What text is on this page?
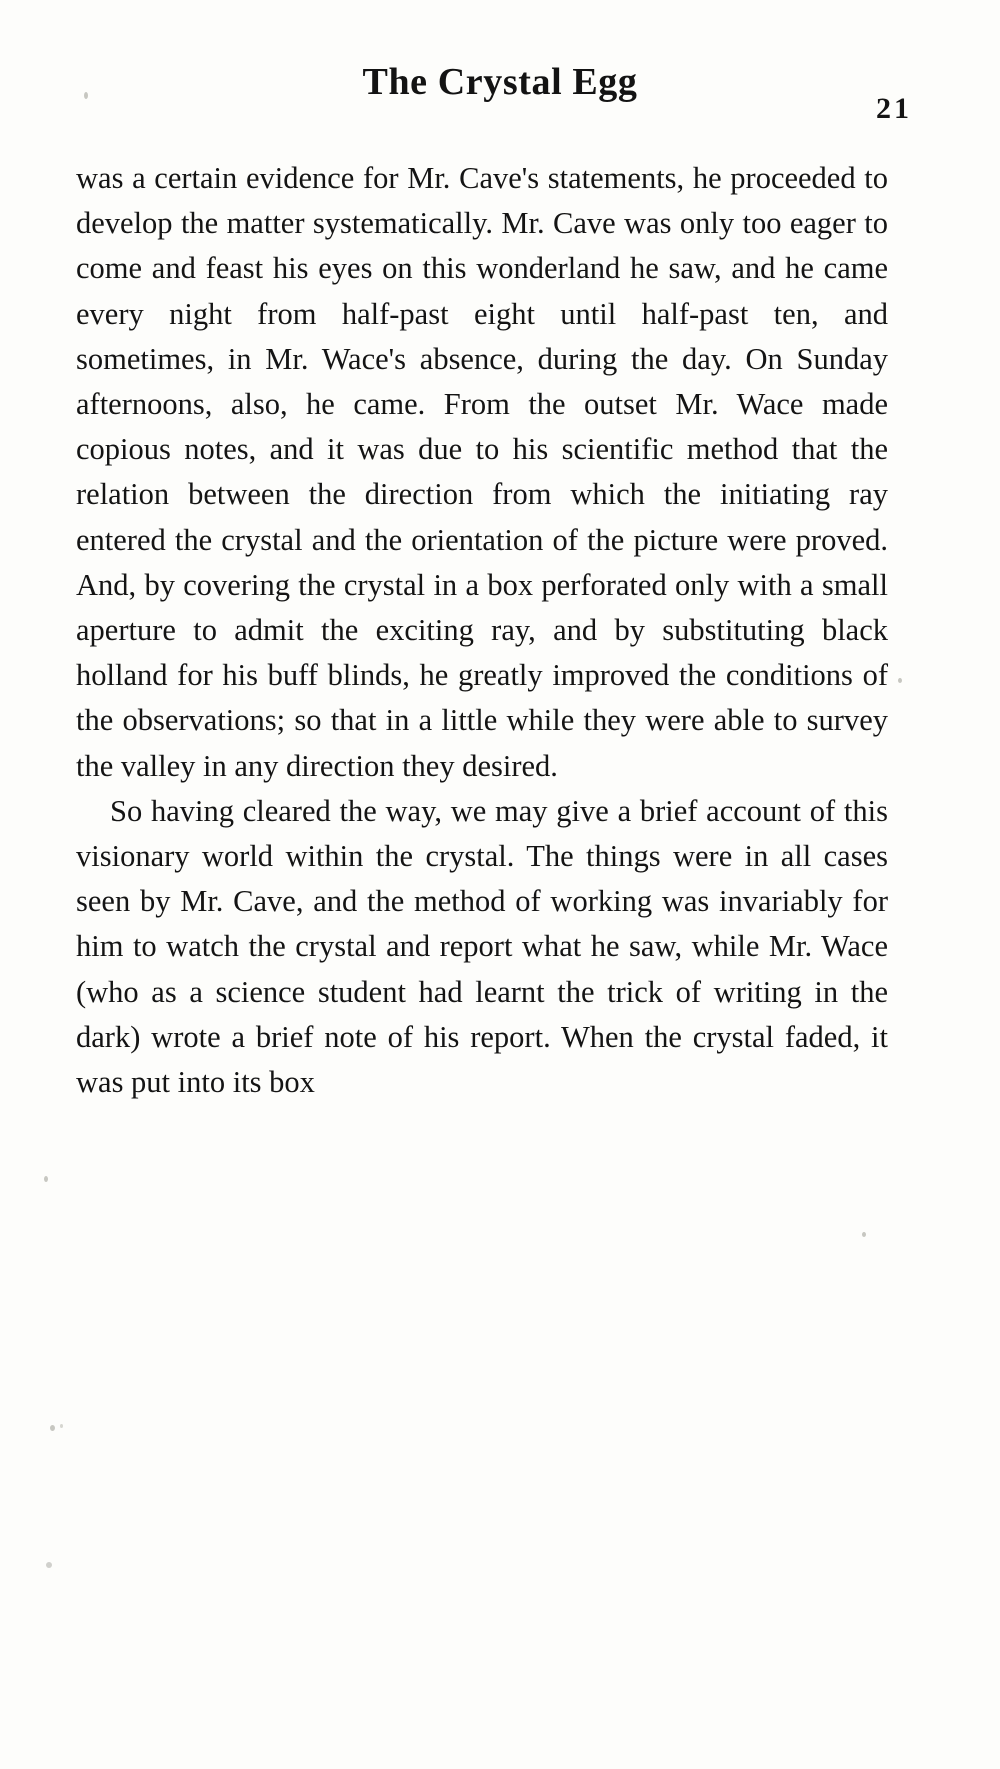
The Crystal Egg
21

was a certain evidence for Mr. Cave's statements, he proceeded to develop the matter systematically. Mr. Cave was only too eager to come and feast his eyes on this wonderland he saw, and he came every night from half-past eight until half-past ten, and sometimes, in Mr. Wace's absence, during the day. On Sunday afternoons, also, he came. From the outset Mr. Wace made copious notes, and it was due to his scientific method that the relation between the direction from which the initiating ray entered the crystal and the orientation of the picture were proved. And, by covering the crystal in a box perforated only with a small aperture to admit the exciting ray, and by substituting black holland for his buff blinds, he greatly improved the conditions of the observations; so that in a little while they were able to survey the valley in any direction they desired.

So having cleared the way, we may give a brief account of this visionary world within the crystal. The things were in all cases seen by Mr. Cave, and the method of working was invariably for him to watch the crystal and report what he saw, while Mr. Wace (who as a science student had learnt the trick of writing in the dark) wrote a brief note of his report. When the crystal faded, it was put into its box
